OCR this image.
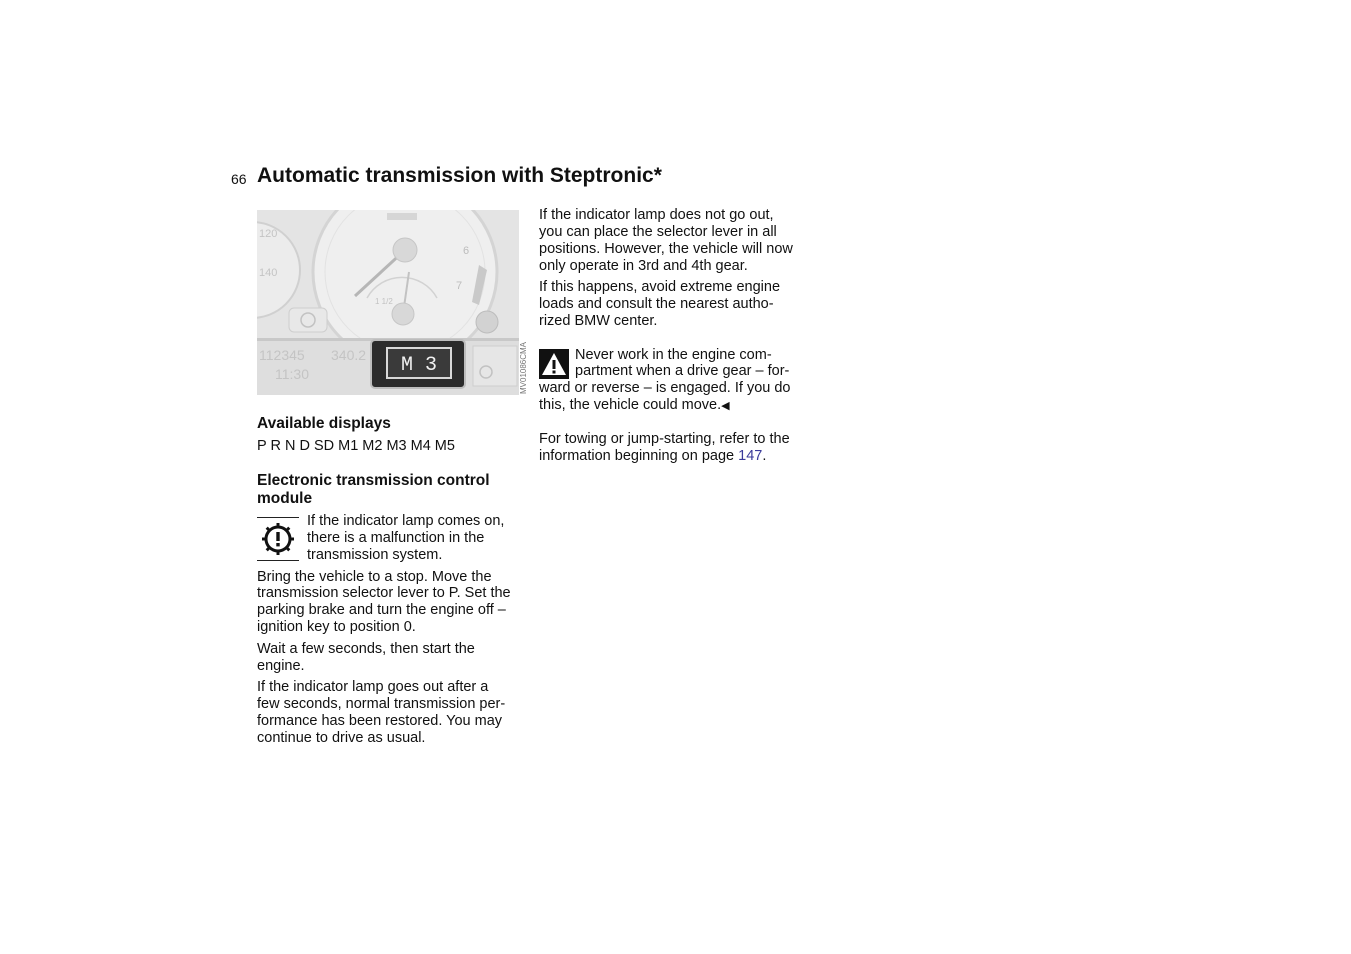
66 Automatic transmission with Steptronic*
120
140
6
7
1 1/2
112345 340.2
11:30	M 3	MV01086CMA
Available displays
P R N D SD M1 M2 M3 M4 M5
Electronic transmission control
module
If the indicator lamp comes on,
there is a malfunction in the
transmission system.
Bring the vehicle to a stop. Move the
transmission selector lever to P. Set the
parking brake and turn the engine off –
ignition key to position 0.
Wait a few seconds, then start the
engine.
If the indicator lamp goes out after a
few seconds, normal transmission per-
formance has been restored. You may
continue to drive as usual.
If the indicator lamp does not go out,
you can place the selector lever in all
positions. However, the vehicle will now
only operate in 3rd and 4th gear.
If this happens, avoid extreme engine
loads and consult the nearest autho-
rized BMW center.
Never work in the engine com-
partment when a drive gear – for-
ward or reverse – is engaged. If you do
this, the vehicle could move.◀
For towing or jump-starting, refer to the
information beginning on page 147.
